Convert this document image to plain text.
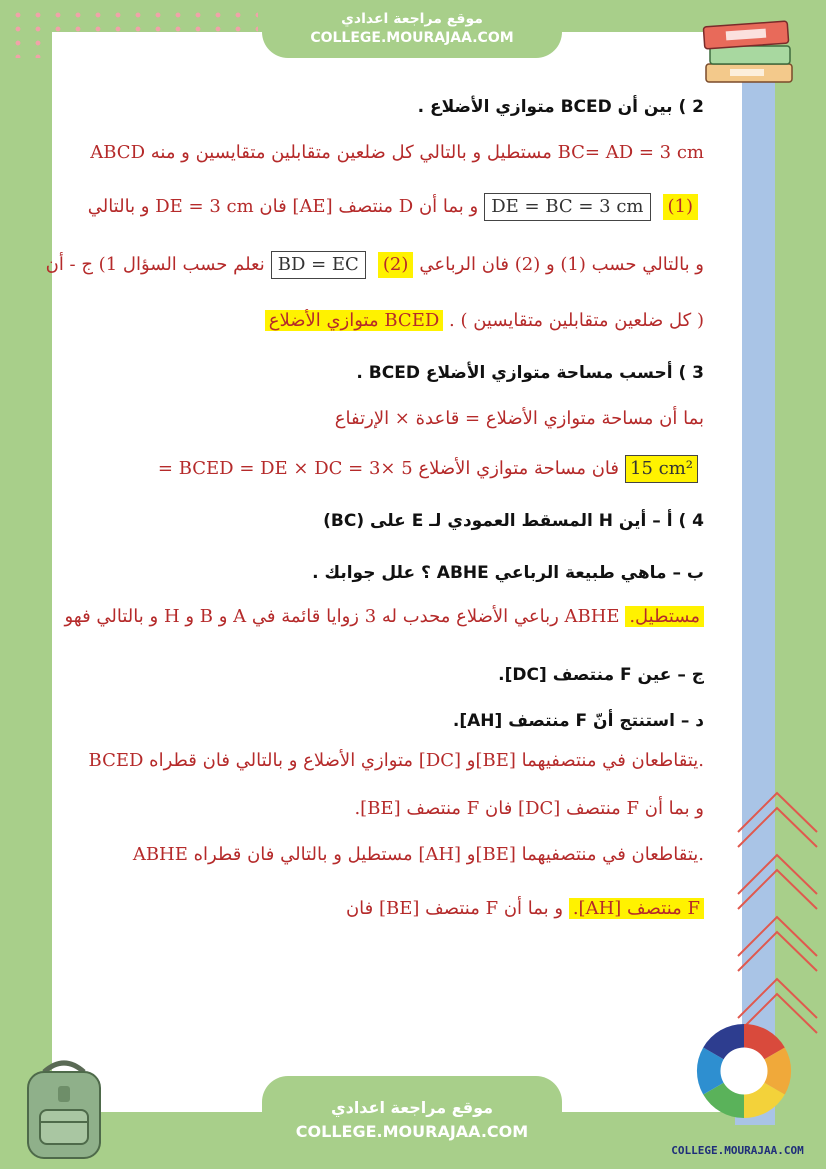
موقع مراجعة اعدادي
COLLEGE.MOURAJAA.COM
2 ) بين أن BCED متوازي الأضلاع .
ABCD مستطيل و بالتالي كل ضلعين متقابلين متقايسين و منه BC= AD = 3 cm
و بما أن D منتصف [AE] فان DE = 3 cm و بالتالي DE = BC = 3 cm (1)
نعلم حسب السؤال 1) ج - أن BD = EC (2) و بالتالي حسب (1) و (2) فان الرباعي
BCED متوازي الأضلاع ( كل ضلعين متقابلين متقايسين ) .
3 ) أحسب مساحة متوازي الأضلاع BCED .
بما أن مساحة متوازي الأضلاع = قاعدة × الإرتفاع
فان مساحة متوازي الأضلاع BCED = DE × DC = 3× 5 = 15 cm²
4 ) أ – أين H المسقط العمودي لـ E على (BC)
ب – ماهي طبيعة الرباعي ABHE ؟ علل جوابك .
ABHE رباعي الأضلاع محدب له 3 زوايا قائمة في A و B و H و بالتالي فهو مستطيل.
ج – عين F منتصف [DC].
د – استنتج أنّ F منتصف [AH].
BCED متوازي الأضلاع و بالتالي فان قطراه [DC] و[BE] يتقاطعان في منتصفيهما.
و بما أن F منتصف [DC] فان F منتصف [BE].
ABHE مستطيل و بالتالي فان قطراه [AH] و[BE] يتقاطعان في منتصفيهما.
و بما أن F منتصف [BE] فان F منتصف [AH].
موقع مراجعة اعدادي
COLLEGE.MOURAJAA.COM
COLLEGE.MOURAJAA.COM
